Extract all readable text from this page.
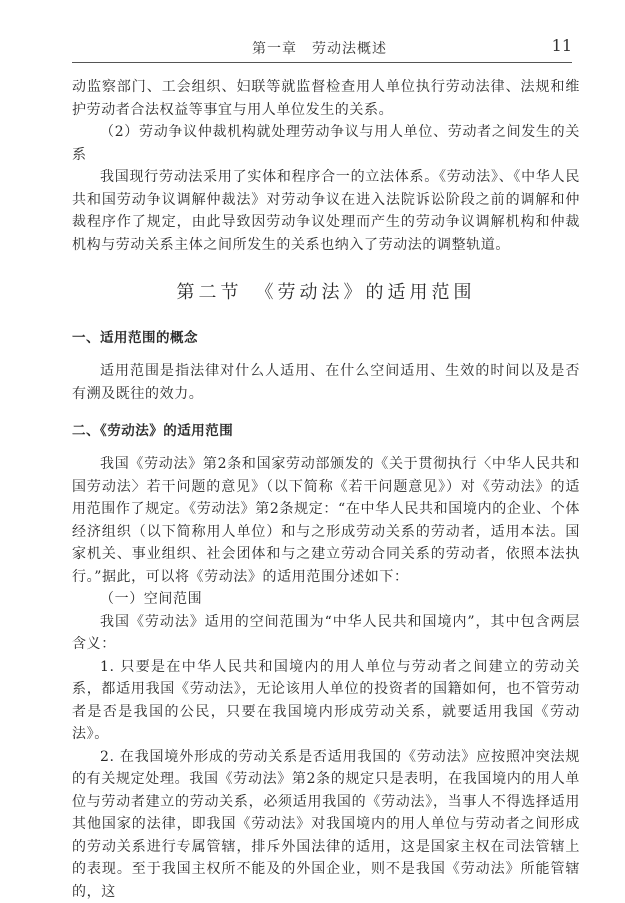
第一章　劳动法概述	11

动监察部门、工会组织、妇联等就监督检查用人单位执行劳动法律、法规和维护劳动者合法权益等事宜与用人单位发生的关系。

（2）劳动争议仲裁机构就处理劳动争议与用人单位、劳动者之间发生的关系

我国现行劳动法采用了实体和程序合一的立法体系。《劳动法》、《中华人民共和国劳动争议调解仲裁法》对劳动争议在进入法院诉讼阶段之前的调解和仲裁程序作了规定，由此导致因劳动争议处理而产生的劳动争议调解机构和仲裁机构与劳动关系主体之间所发生的关系也纳入了劳动法的调整轨道。

第二节　《劳动法》的适用范围
一、适用范围的概念

适用范围是指法律对什么人适用、在什么空间适用、生效的时间以及是否有溯及既往的效力。

二、《劳动法》的适用范围

我国《劳动法》第2条和国家劳动部颁发的《关于贯彻执行〈中华人民共和国劳动法〉若干问题的意见》（以下简称《若干问题意见》）对《劳动法》的适用范围作了规定。《劳动法》第2条规定：“在中华人民共和国境内的企业、个体经济组织（以下简称用人单位）和与之形成劳动关系的劳动者，适用本法。国家机关、事业组织、社会团体和与之建立劳动合同关系的劳动者，依照本法执行。”据此，可以将《劳动法》的适用范围分述如下：

（一）空间范围

我国《劳动法》适用的空间范围为“中华人民共和国境内”，其中包含两层含义：

1. 只要是在中华人民共和国境内的用人单位与劳动者之间建立的劳动关系，都适用我国《劳动法》，无论该用人单位的投资者的国籍如何，也不管劳动者是否是我国的公民，只要在我国境内形成劳动关系，就要适用我国《劳动法》。

2. 在我国境外形成的劳动关系是否适用我国的《劳动法》应按照冲突法规的有关规定处理。我国《劳动法》第2条的规定只是表明，在我国境内的用人单位与劳动者建立的劳动关系，必须适用我国的《劳动法》，当事人不得选择适用其他国家的法律，即我国《劳动法》对我国境内的用人单位与劳动者之间形成的劳动关系进行专属管辖，排斥外国法律的适用，这是国家主权在司法管辖上的表现。至于我国主权所不能及的外国企业，则不是我国《劳动法》所能管辖的，这
